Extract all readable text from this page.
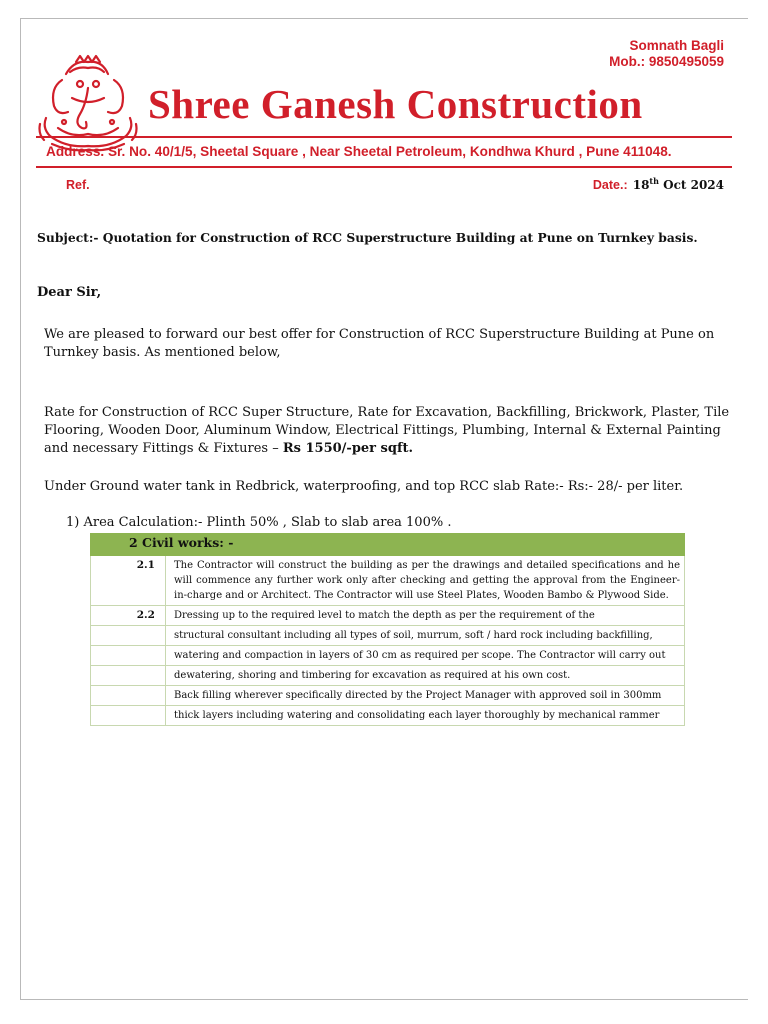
Somnath Bagli
Mob.: 9850495059
Shree Ganesh Construction
Address. Sr. No. 40/1/5, Sheetal Square , Near Sheetal Petroleum, Kondhwa Khurd , Pune 411048.
Ref.	Date.: 18th Oct 2024
Subject:- Quotation for Construction of RCC Superstructure Building at Pune on Turnkey basis.
Dear Sir,
We are pleased to forward our best offer for Construction of RCC Superstructure Building at Pune on Turnkey basis. As mentioned below,
Rate for Construction of RCC Super Structure, Rate for Excavation, Backfilling, Brickwork, Plaster, Tile Flooring, Wooden Door, Aluminum Window, Electrical Fittings, Plumbing, Internal & External Painting and necessary Fittings & Fixtures – Rs 1550/-per sqft.
Under Ground water tank in Redbrick, waterproofing, and top RCC slab Rate:- Rs:- 28/- per liter.
1) Area Calculation:- Plinth 50% , Slab to slab area 100% .
2 Civil works: -	
2.1	The Contractor will construct the building as per the drawings and detailed specifications and he will commence any further work only after checking and getting the approval from the Engineer-in-charge and or Architect. The Contractor will use Steel Plates, Wooden Bambo & Plywood Side.
2.2	Dressing up to the required level to match the depth as per the requirement of the
	structural consultant including all types of soil, murrum, soft / hard rock including backfilling,
	watering and compaction in layers of 30 cm as required per scope. The Contractor will carry out
	dewatering, shoring and timbering for excavation as required at his own cost.
	Back filling wherever specifically directed by the Project Manager with approved soil in 300mm
	thick layers including watering and consolidating each layer thoroughly by mechanical rammer
